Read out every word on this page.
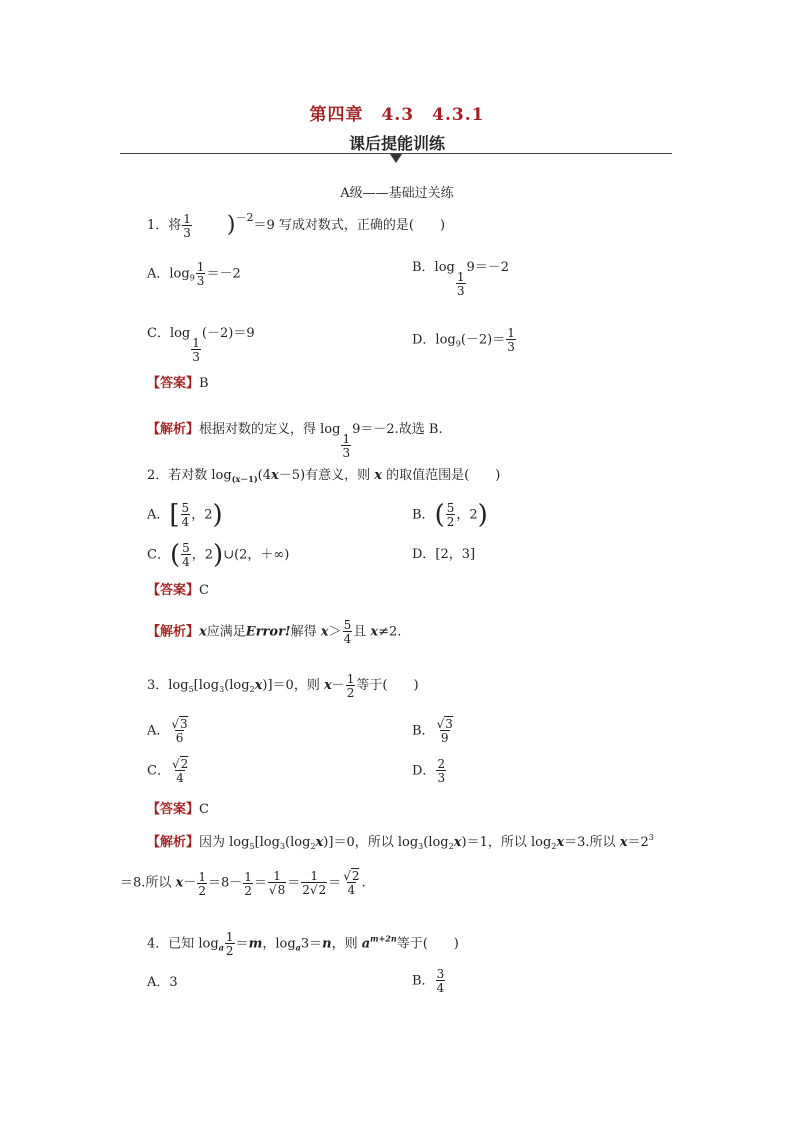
第四章　4.3　4.3.1
课后提能训练
A级——基础过关练
1．将 $\frac{1}{3} )^{-2}=9$ 写成对数式，正确的是(　　)
A．$\log_9 \frac{1}{3} =-2$	B．log
$\frac{1}{3}$
9＝－2
C．log
$\frac{1}{3}$
(－2)＝9	D．$\log_9(-2)= \frac{1}{3}$
【答案】B
【解析】根据对数的定义，得 log
$\frac{1}{3}$
9＝－2.故选 B.
2．若对数 $\log_{(x-1)}(4x-5)$有意义，则 x 的取值范围是(　　)
A．[ $\frac{5}{4}$ ，2)	B．( $\frac{5}{2}$ ，2)
C．( $\frac{5}{4}$ ，2)∪(2，＋∞)	D．[2，3]
【答案】C
【解析】x应满足Error!解得 $x> \frac{5}{4}$ 且 x≠2.
3．$\log_5[\log_3(\log_2x)]=0$，则 $x- \frac{1}{2}$ 等于(　　)
A． $\frac{√3}{6}$	B． $\frac{√3}{9}$
C． $\frac{√2}{4}$	D． $\frac{2}{3}$
【答案】C
【解析】因为 $\log_5[\log_3(\log_2x)]=0$，所以 $\log_3(\log_2x)=1$，所以 $\log_2x=3$.所以 $x=2^3$
＝8.所以 $x- \frac{1}{2} =8- \frac{1}{2} = \frac{1}{√8} = \frac{1}{2√2} = \frac{√2}{4}$ .
4．已知 $\log_a \frac{1}{2} =m$，$\log_a3=n$，则 $a^{m+2n}$等于(　　)
A．3	B． $\frac{3}{4}$
